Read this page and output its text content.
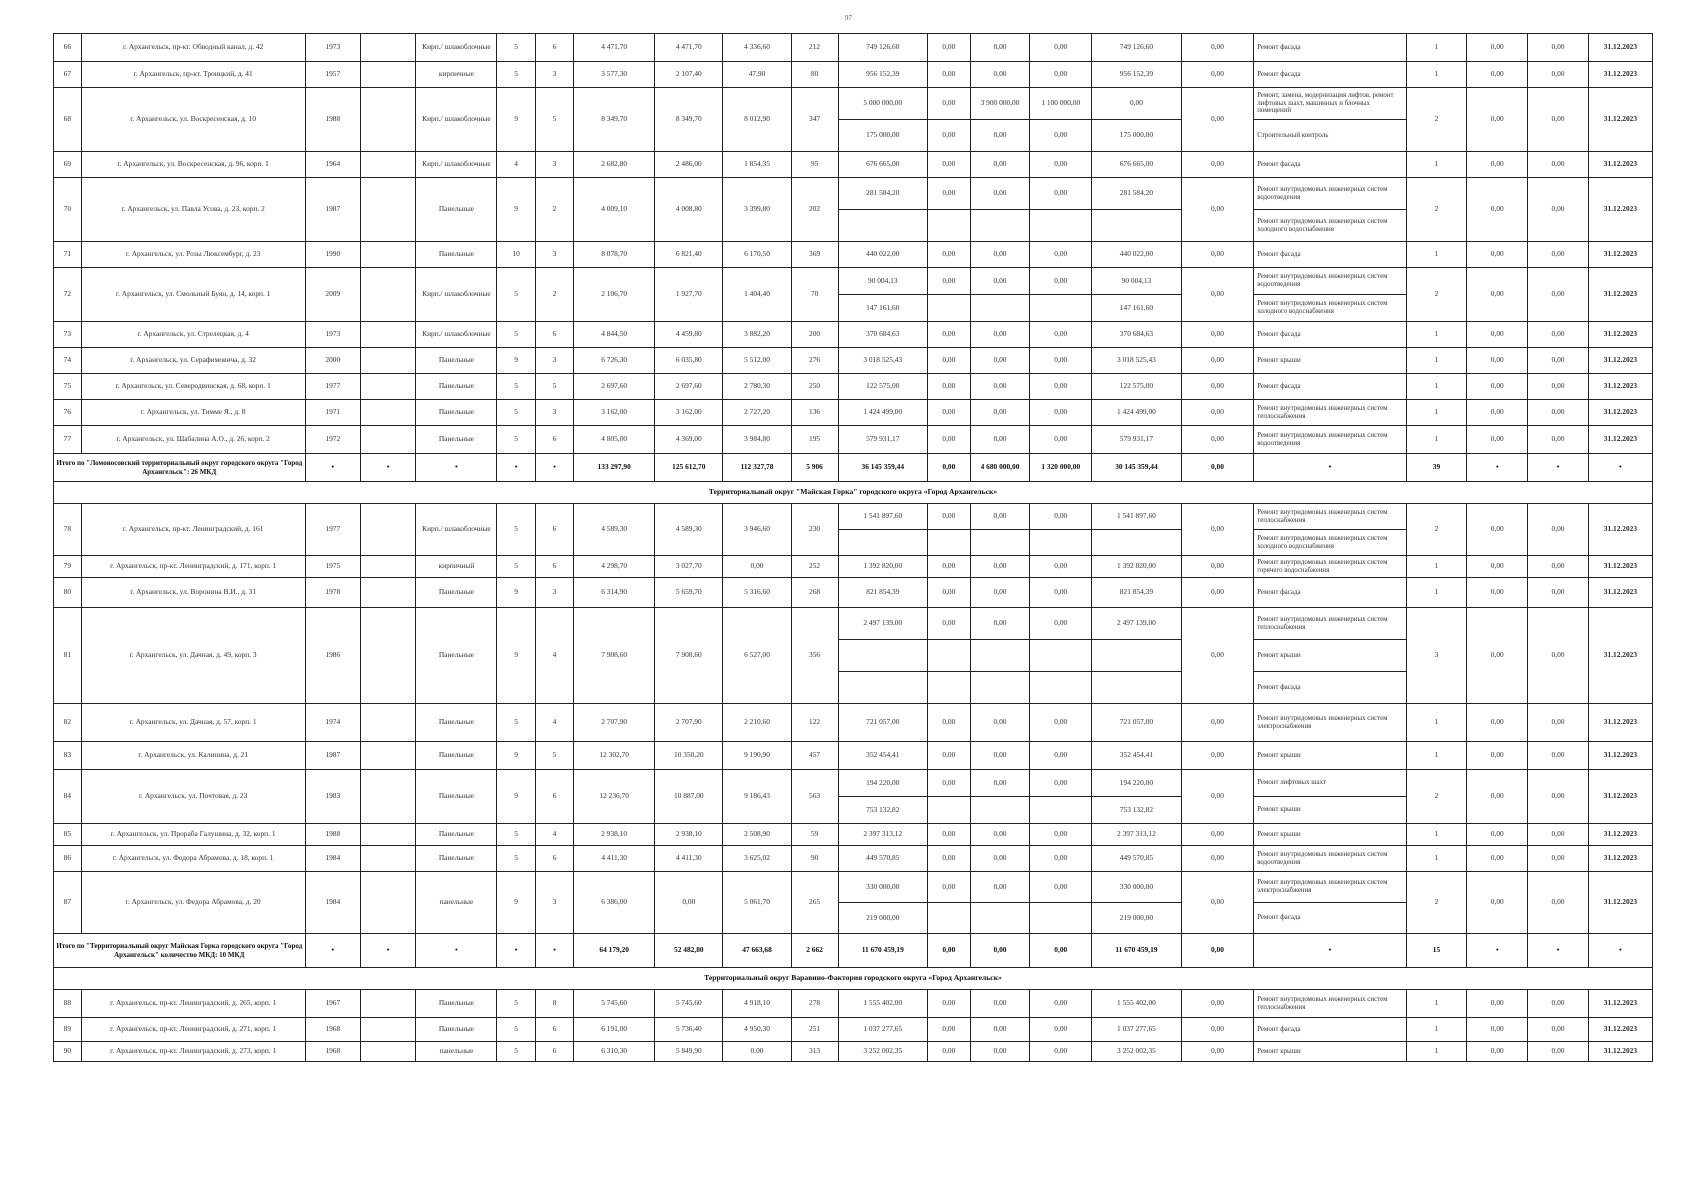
97
66	г. Архангельск, пр-кт. Обводный канал, д. 42	1973		Кирп./ шлакоблочные	5	6	4 471,70	4 471,70	4 336,60	212	749 126,60	0,00	0,00	0,00	749 126,60	0,00	Ремонт фасада	1	0,00	0,00	31.12.2023
67	г. Архангельск, пр-кт. Троицкий, д. 41	1957		кирпичные	5	3	3 577,30	2 107,40	47,90	80	956 152,39	0,00	0,00	0,00	956 152,39	0,00	Ремонт фасада	1	0,00	0,00	31.12.2023
68	г. Архангельск, ул. Воскресенская, д. 10	1988		Кирп./ шлакоблочные	9	5	8 349,70	8 349,70	8 012,90	347	5 000 000,00	0,00	3 900 000,00	1 100 000,00	0,00	0,00	Ремонт, замена, модернизация лифтов, ремонт лифтовых шахт, машинных и блочных помещений	2	0,00	0,00	31.12.2023
											175 000,00	0,00	0,00	0,00	175 000,00		Строительный контроль				
69	г. Архангельск, ул. Воскресенская, д. 96, корп. 1	1964		Кирп./ шлакоблочные	4	3	2 682,80	2 486,00	1 854,35	95	676 665,00	0,00	0,00	0,00	676 665,00	0,00	Ремонт фасада	1	0,00	0,00	31.12.2023
70	г. Архангельск, ул. Павла Усова, д. 23, корп. 2	1987		Панельные	9	2	4 009,10	4 008,80	3 399,80	202	281 584,20	0,00	0,00	0,00	281 584,20	0,00	Ремонт внутридомовых инженерных систем водоотведения	2	0,00	0,00	31.12.2023
																	Ремонт внутридомовых инженерных систем холодного водоснабжения				
71	г. Архангельск, ул. Розы Люксембург, д. 23	1990		Панельные	10	3	8 078,70	6 821,40	6 170,50	369	440 022,00	0,00	0,00	0,00	440 022,00	0,00	Ремонт фасада	1	0,00	0,00	31.12.2023
72	г. Архангельск, ул. Смольный Буян, д. 14, корп. 1	2009		Кирп./ шлакоблочные	5	2	2 106,70	1 927,70	1 404,40	70	90 004,13	0,00	0,00	0,00	90 004,13	0,00	Ремонт внутридомовых инженерных систем водоотведения	2	0,00	0,00	31.12.2023
											147 161,60				147 161,60		Ремонт внутридомовых инженерных систем холодного водоснабжения				
73	г. Архангельск, ул. Стрелецкая, д. 4	1973		Кирп./ шлакоблочные	5	6	4 844,50	4 459,80	3 882,20	200	370 684,63	0,00	0,00	0,00	370 684,63	0,00	Ремонт фасада	1	0,00	0,00	31.12.2023
74	г. Архангельск, ул. Серафимовича, д. 32	2000		Панельные	9	3	6 726,30	6 035,80	5 512,00	276	3 018 525,43	0,00	0,00	0,00	3 018 525,43	0,00	Ремонт крыши	1	0,00	0,00	31.12.2023
75	г. Архангельск, ул. Северодвинская, д. 68, корп. 1	1977		Панельные	5	5	2 697,60	2 697,60	2 780,30	250	122 575,00	0,00	0,00	0,00	122 575,00	0,00	Ремонт фасада	1	0,00	0,00	31.12.2023
76	г. Архангельск, ул. Тимме Я., д. 8	1971		Панельные	5	3	3 162,00	3 162,00	2 727,20	136	1 424 499,00	0,00	0,00	0,00	1 424 499,00	0,00	Ремонт внутридомовых инженерных систем теплоснабжения	1	0,00	0,00	31.12.2023
77	г. Архангельск, ул. Шабалина А.О., д. 26, корп. 2	1972		Панельные	5	6	4 805,00	4 369,00	3 984,80	195	579 931,17	0,00	0,00	0,00	579 931,17	0,00	Ремонт внутридомовых инженерных систем водоотведения	1	0,00	0,00	31.12.2023
Итого по "Ломоносовский территориальный округ городского округа "Город Архангельск": 26 МКД		•	•	•	•	•	133 297,90	125 612,70	112 327,78	5 906	36 145 359,44	0,00	4 680 000,00	1 320 000,00	30 145 359,44	0,00	•	39	•	•	•
Территориальный округ "Майская Горка" городского округа «Город Архангельск»																					
78	г. Архангельск, пр-кт. Ленинградский, д. 161	1977		Кирп./ шлакоблочные	5	6	4 589,30	4 589,30	3 946,60	230	1 541 897,60	0,00	0,00	0,00	1 541 897,60	0,00	Ремонт внутридомовых инженерных систем теплоснабжения	2	0,00	0,00	31.12.2023
																	Ремонт внутридомовых инженерных систем холодного водоснабжения				
79	г. Архангельск, пр-кт. Ленинградский, д. 171, корп. 1	1975		кирпичный	5	6	4 298,70	3 027,70	0,00	252	1 392 820,00	0,00	0,00	0,00	1 392 820,00	0,00	Ремонт внутридомовых инженерных систем горячего водоснабжения	1	0,00	0,00	31.12.2023
80	г. Архангельск, ул. Воронина В.И., д. 31	1978		Панельные	9	3	6 314,90	5 659,70	5 316,60	268	821 854,39	0,00	0,00	0,00	821 854,39	0,00	Ремонт фасада	1	0,00	0,00	31.12.2023
81	г. Архангельск, ул. Дачная, д. 49, корп. 3	1986		Панельные	9	4	7 908,60	7 908,60	6 527,00	356	2 497 139,00	0,00	0,00	0,00	2 497 139,00	0,00	Ремонт внутридомовых инженерных систем теплоснабжения	3	0,00	0,00	31.12.2023
																	Ремонт крыши				
																	Ремонт фасада				
82	г. Архангельск, ул. Дачная, д. 57, корп. 1	1974		Панельные	5	4	2 707,90	2 707,90	2 210,60	122	721 057,00	0,00	0,00	0,00	721 057,00	0,00	Ремонт внутридомовых инженерных систем электроснабжения	1	0,00	0,00	31.12.2023
83	г. Архангельск, ул. Калинина, д. 21	1987		Панельные	9	5	12 302,70	10 350,20	9 190,90	457	352 454,41	0,00	0,00	0,00	352 454,41	0,00	Ремонт крыши	1	0,00	0,00	31.12.2023
84	г. Архангельск, ул. Почтовая, д. 23	1983		Панельные	9	6	12 236,70	10 887,00	9 186,43	563	194 220,00	0,00	0,00	0,00	194 220,00	0,00	Ремонт лифтовых шахт	2	0,00	0,00	31.12.2023
											753 132,82				753 132,82		Ремонт крыши				
85	г. Архангельск, ул. Прораба Галушина, д. 32, корп. 1	1988		Панельные	5	4	2 938,10	2 938,10	2 508,90	59	2 397 313,12	0,00	0,00	0,00	2 397 313,12	0,00	Ремонт крыши	1	0,00	0,00	31.12.2023
86	г. Архангельск, ул. Федора Абрамова, д. 18, корп. 1	1984		Панельные	5	6	4 411,30	4 411,30	3 625,02	90	449 570,85	0,00	0,00	0,00	449 570,85	0,00	Ремонт внутридомовых инженерных систем водоотведения	1	0,00	0,00	31.12.2023
87	г. Архангельск, ул. Федора Абрамова, д. 20	1984		панельные	9	3	6 386,00	0,00	5 061,70	265	330 000,00	0,00	0,00	0,00	330 000,00	0,00	Ремонт внутридомовых инженерных систем электроснабжения	2	0,00	0,00	31.12.2023
											219 000,00				219 000,00		Ремонт фасада				
Итого по "Территориальный округ Майская Горка городского округа "Город Архангельск" количество МКД: 10 МКД		•	•	•	•	•	64 179,20	52 482,80	47 663,68	2 662	11 670 459,19	0,00	0,00	0,00	11 670 459,19	0,00	•	15	•	•	•
Территориальный округ Варавино-Фактория городского округа «Город Архангельск»																					
88	г. Архангельск, пр-кт. Ленинградский, д. 265, корп. 1	1967		Панельные	5	8	5 745,60	5 745,60	4 918,10	278	1 555 402,00	0,00	0,00	0,00	1 555 402,00	0,00	Ремонт внутридомовых инженерных систем теплоснабжения	1	0,00	0,00	31.12.2023
89	г. Архангельск, пр-кт. Ленинградский, д. 271, корп. 1	1968		Панельные	5	6	6 191,00	5 736,40	4 950,30	251	1 037 277,65	0,00	0,00	0,00	1 037 277,65	0,00	Ремонт фасада	1	0,00	0,00	31.12.2023
90	г. Архангельск, пр-кт. Ленинградский, д. 273, корп. 1	1968		панельные	5	6	6 310,30	5 849,90	0,00	313	3 252 002,35	0,00	0,00	0,00	3 252 002,35	0,00	Ремонт крыши	1	0,00	0,00	31.12.2023
